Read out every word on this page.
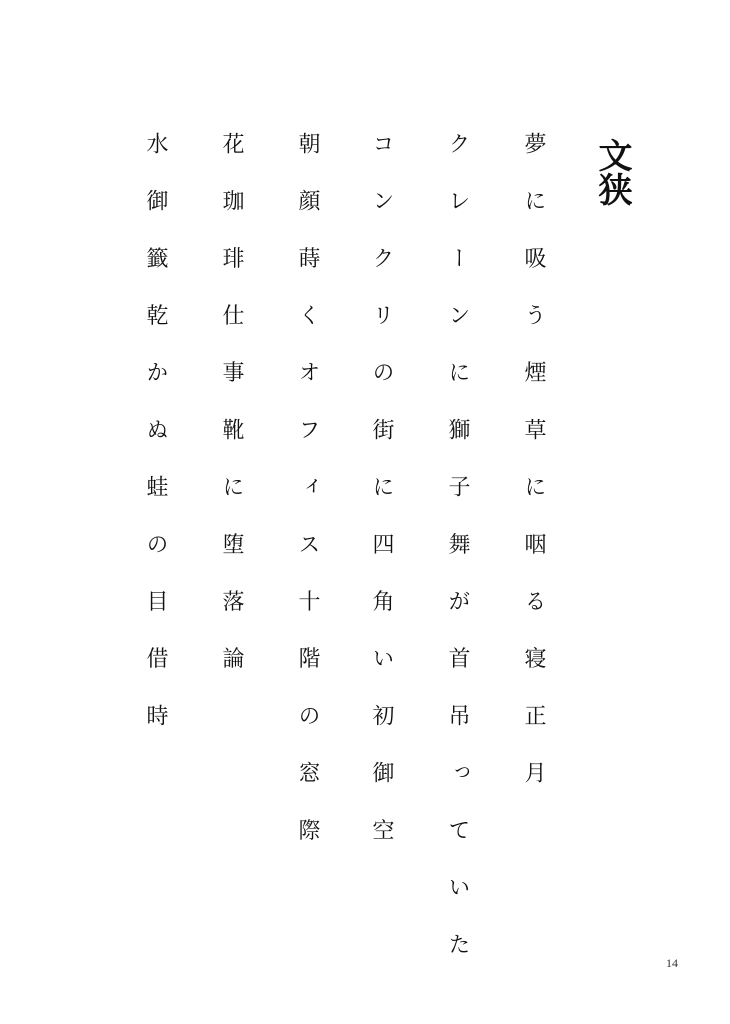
文狭
夢に吸う煙草に咽る寝正月
クレーンに獅子舞が首吊っていた
コンクリの街に四角い初御空
朝顔蒔くオフィス十階の窓際
花珈琲仕事靴に堕落論
水御籤乾かぬ蛙の目借時
14
